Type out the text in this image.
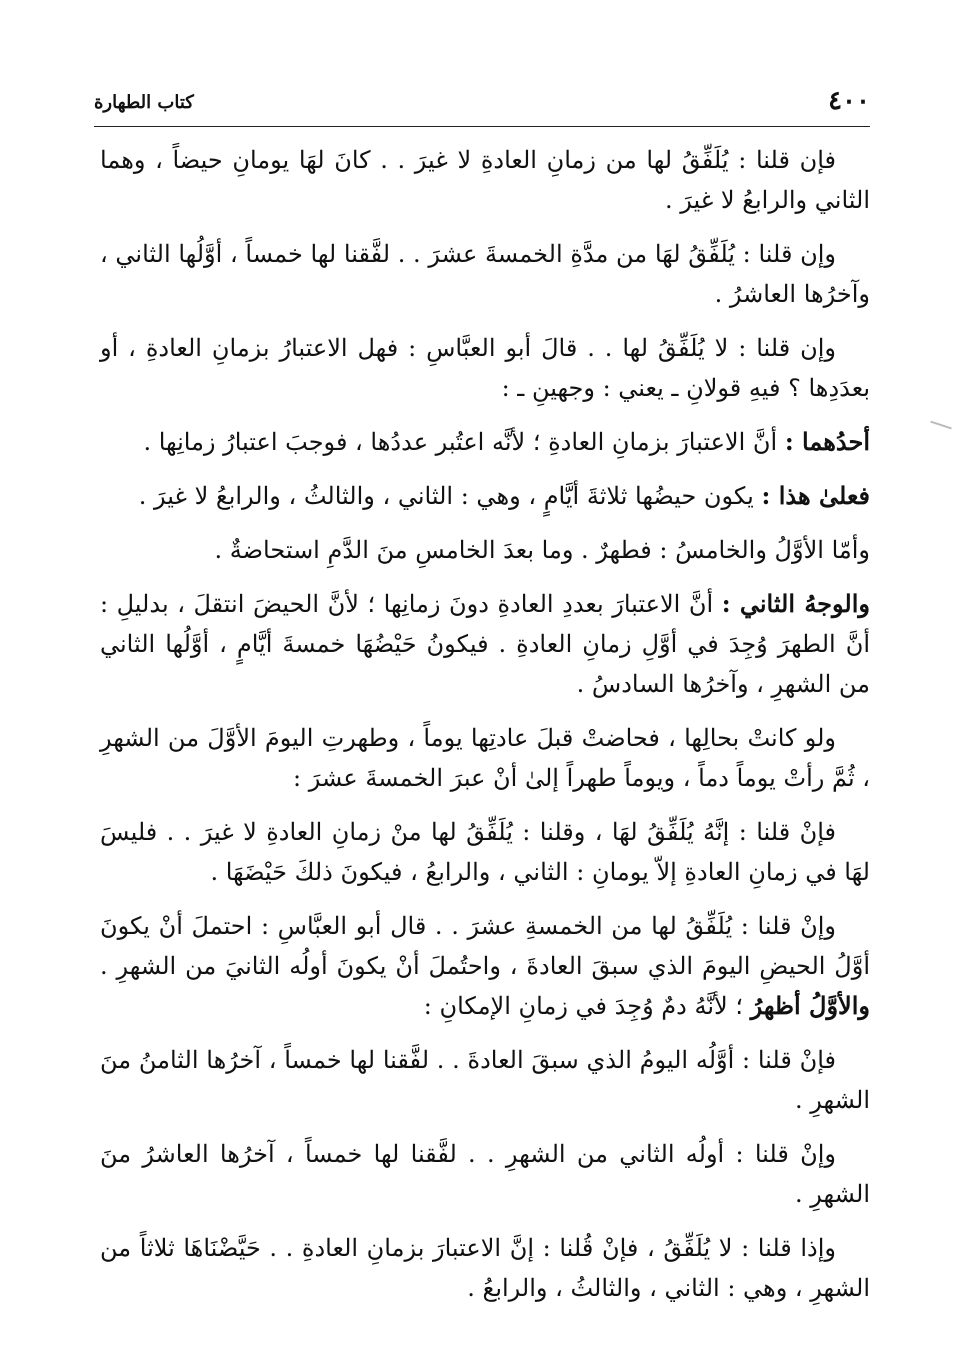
٤٠٠
كتاب الطهارة

فإن قلنا : يُلَفِّقُ لها من زمانِ العادةِ لا غيرَ . . كانَ لهَا يومانِ حيضاً ، وهما الثاني والرابعُ لا غيرَ .

وإن قلنا : يُلَفِّقُ لهَا من مدَّةِ الخمسةَ عشرَ . . لفَّقنا لها خمساً ، أوَّلُها الثاني ، وآخرُها العاشرُ .

وإن قلنا : لا يُلَفِّقُ لها . . قالَ أبو العبَّاسِ : فهل الاعتبارُ بزمانِ العادةِ ، أو بعدَدِها ؟ فيهِ قولانِ ـ يعني : وجهينِ ـ :

أحدُهما : أنَّ الاعتبارَ بزمانِ العادةِ ؛ لأنَّه اعتُبر عددُها ، فوجبَ اعتبارُ زمانِها .

فعلىٰ هذا : يكون حيضُها ثلاثةَ أيَّامٍ ، وهي : الثاني ، والثالثُ ، والرابعُ لا غيرَ .

وأمّا الأوَّلُ والخامسُ : فطهرٌ . وما بعدَ الخامسِ منَ الدَّمِ استحاضةٌ .

والوجهُ الثاني : أنَّ الاعتبارَ بعددِ العادةِ دونَ زمانِها ؛ لأنَّ الحيضَ انتقلَ ، بدليلِ : أنَّ الطهرَ وُجِدَ في أوَّلِ زمانِ العادةِ . فيكونُ حَيْضُهَا خمسةَ أيَّامٍ ، أوَّلُها الثاني من الشهرِ ، وآخرُها السادسُ .

ولو كانتْ بحالِها ، فحاضتْ قبلَ عادتِها يوماً ، وطهرتِ اليومَ الأوَّلَ من الشهرِ ، ثُمَّ رأتْ يوماً دماً ، ويوماً طهراً إلىٰ أنْ عبرَ الخمسةَ عشرَ :

فإنْ قلنا : إنَّهُ يُلَفِّقُ لهَا ، وقلنا : يُلَفِّقُ لها منْ زمانِ العادةِ لا غيرَ . . فليسَ لهَا في زمانِ العادةِ إلاّ يومانِ : الثاني ، والرابعُ ، فيكونَ ذلكَ حَيْضَهَا .

وإنْ قلنا : يُلَفِّقُ لها من الخمسةِ عشرَ . . قال أبو العبَّاسِ : احتملَ أنْ يكونَ أوَّلُ الحيضِ اليومَ الذي سبقَ العادةَ ، واحتُملَ أنْ يكونَ أولُه الثانيَ من الشهرِ . والأوَّلُ أظهرُ ؛ لأنَّهُ دمٌ وُجِدَ في زمانِ الإمكانِ :

فإنْ قلنا : أوَّلُه اليومُ الذي سبقَ العادةَ . . لفَّقنا لها خمساً ، آخرُها الثامنُ منَ الشهرِ .

وإنْ قلنا : أولُه الثاني من الشهرِ . . لفَّقنا لها خمساً ، آخرُها العاشرُ منَ الشهرِ .

وإذا قلنا : لا يُلَفِّقُ ، فإنْ قُلنا : إنَّ الاعتبارَ بزمانِ العادةِ . . حَيَّضْنَاهَا ثلاثاً من الشهرِ ، وهي : الثاني ، والثالثُ ، والرابعُ .
